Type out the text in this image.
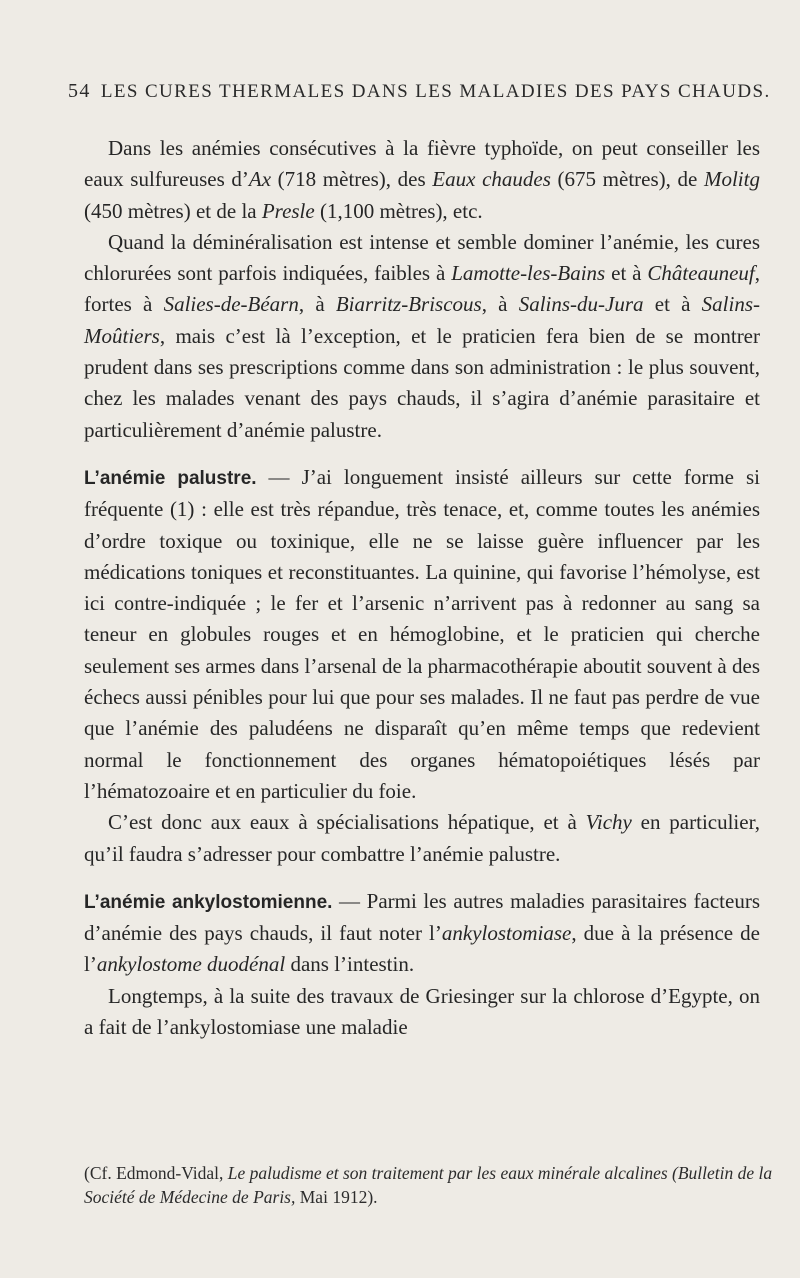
54 LES CURES THERMALES DANS LES MALADIES DES PAYS CHAUDS.

Dans les anémies consécutives à la fièvre typhoïde, on peut conseiller les eaux sulfureuses d’Ax (718 mètres), des Eaux chaudes (675 mètres), de Molitg (450 mètres) et de la Presle (1,100 mètres), etc.

Quand la déminéralisation est intense et semble dominer l’anémie, les cures chlorurées sont parfois indiquées, faibles à Lamotte-les-Bains et à Châteauneuf, fortes à Salies-de-Béarn, à Biarritz-Briscous, à Salins-du-Jura et à Salins-Moûtiers, mais c’est là l’exception, et le praticien fera bien de se montrer prudent dans ses prescriptions comme dans son administration : le plus souvent, chez les malades venant des pays chauds, il s’agira d’anémie parasitaire et particulièrement d’anémie palustre.

L’anémie palustre. — J’ai longuement insisté ailleurs sur cette forme si fréquente (1) : elle est très répandue, très tenace, et, comme toutes les anémies d’ordre toxique ou toxinique, elle ne se laisse guère influencer par les médications toniques et reconstituantes. La quinine, qui favorise l’hémolyse, est ici contre-indiquée ; le fer et l’arsenic n’arrivent pas à redonner au sang sa teneur en globules rouges et en hémoglobine, et le praticien qui cherche seulement ses armes dans l’arsenal de la pharmacothérapie aboutit souvent à des échecs aussi pénibles pour lui que pour ses malades. Il ne faut pas perdre de vue que l’anémie des paludéens ne disparaît qu’en même temps que redevient normal le fonctionnement des organes hématopoiétiques lésés par l’hématozoaire et en particulier du foie.

C’est donc aux eaux à spécialisations hépatique, et à Vichy en particulier, qu’il faudra s’adresser pour combattre l’anémie palustre.

L’anémie ankylostomienne. — Parmi les autres maladies parasitaires facteurs d’anémie des pays chauds, il faut noter l’ankylostomiase, due à la présence de l’ankylostome duodénal dans l’intestin.

Longtemps, à la suite des travaux de Griesinger sur la chlorose d’Egypte, on a fait de l’ankylostomiase une maladie

(Cf. Edmond-Vidal, Le paludisme et son traitement par les eaux minérale alcalines (Bulletin de la Société de Médecine de Paris, Mai 1912).
